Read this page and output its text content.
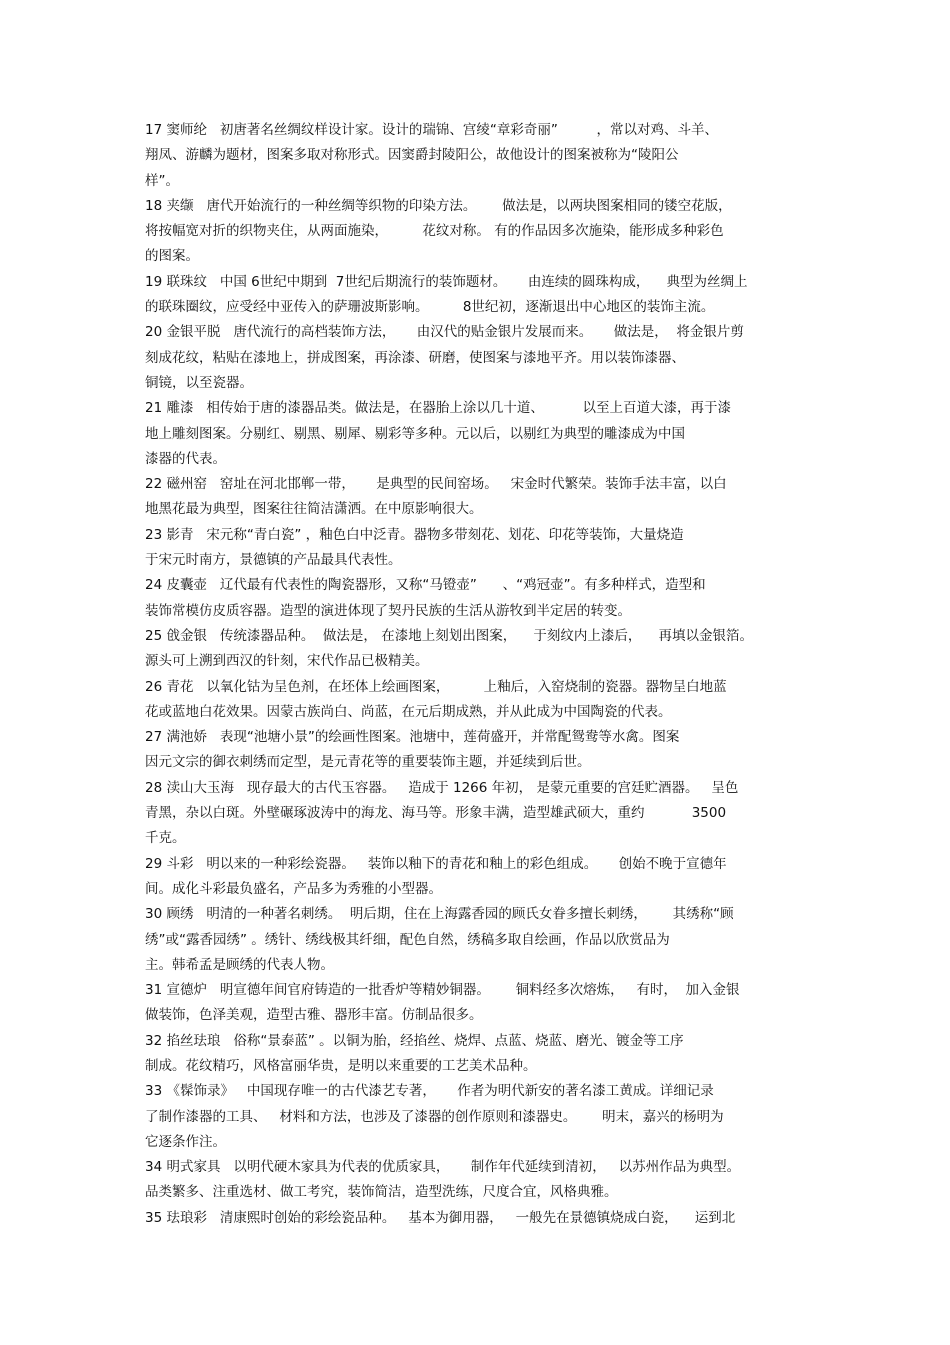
17 窦师纶   初唐著名丝绸纹样设计家。设计的瑞锦、宫绫“章彩奇丽”         ，常以对鸡、斗羊、
翔凤、游麟为题材，图案多取对称形式。因窦爵封陵阳公，故他设计的图案被称为“陵阳公
样”。
18 夹缬   唐代开始流行的一种丝绸等织物的印染方法。      做法是，以两块图案相同的镂空花版，
将按幅宽对折的织物夹住，从两面施染，        花纹对称。 有的作品因多次施染，能形成多种彩色
的图案。
19 联珠纹   中国 6世纪中期到  7世纪后期流行的装饰题材。     由连续的圆珠构成，    典型为丝绸上
的联珠圈纹，应受经中亚传入的萨珊波斯影响。        8世纪初，逐渐退出中心地区的装饰主流。
20 金银平脱   唐代流行的高档装饰方法，     由汉代的贴金银片发展而来。     做法是，  将金银片剪
刻成花纹，粘贴在漆地上，拼成图案，再涂漆、研磨，使图案与漆地平齐。用以装饰漆器、
铜镜，以至瓷器。
21 雕漆   相传始于唐的漆器品类。做法是，在器胎上涂以几十道、         以至上百道大漆，再于漆
地上雕刻图案。分剔红、剔黑、剔犀、剔彩等多种。元以后，以剔红为典型的雕漆成为中国
漆器的代表。
22 磁州窑   窑址在河北邯郸一带，     是典型的民间窑场。   宋金时代繁荣。装饰手法丰富，以白
地黑花最为典型，图案往往简洁潇洒。在中原影响很大。
23 影青   宋元称“青白瓷” ，釉色白中泛青。器物多带刻花、划花、印花等装饰，大量烧造
于宋元时南方，景德镇的产品最具代表性。
24 皮囊壶   辽代最有代表性的陶瓷器形，又称“马镫壶”      、“鸡冠壶”。有多种样式，造型和
装饰常模仿皮质容器。造型的演进体现了契丹民族的生活从游牧到半定居的转变。
25 戗金银   传统漆器品种。  做法是， 在漆地上刻划出图案，    于刻纹内上漆后，    再填以金银箔。
源头可上溯到西汉的针刻，宋代作品已极精美。
26 青花   以氧化钴为呈色剂，在坯体上绘画图案，        上釉后，入窑烧制的瓷器。器物呈白地蓝
花或蓝地白花效果。因蒙古族尚白、尚蓝，在元后期成熟，并从此成为中国陶瓷的代表。
27 满池娇   表现“池塘小景”的绘画性图案。池塘中，莲荷盛开，并常配鸳鸯等水禽。图案
因元文宗的御衣刺绣而定型，是元青花等的重要装饰主题，并延续到后世。
28 渎山大玉海   现存最大的古代玉容器。   造成于 1266 年初， 是蒙元重要的宫廷贮酒器。   呈色
青黑，杂以白斑。外壁碾琢波涛中的海龙、海马等。形象丰满，造型雄武硕大，重约           3500
千克。
29 斗彩   明以来的一种彩绘瓷器。   装饰以釉下的青花和釉上的彩色组成。     创始不晚于宣德年
间。成化斗彩最负盛名，产品多为秀雅的小型器。
30 顾绣   明清的一种著名刺绣。  明后期，住在上海露香园的顾氏女眷多擅长刺绣，      其绣称“顾
绣”或“露香园绣” 。绣针、绣线极其纤细，配色自然，绣稿多取自绘画，作品以欣赏品为
主。韩希孟是顾绣的代表人物。
31 宣德炉   明宣德年间官府铸造的一批香炉等精妙铜器。      铜料经多次熔炼，   有时，  加入金银
做装饰，色泽美观，造型古雅、器形丰富。仿制品很多。
32 掐丝珐琅   俗称“景泰蓝” 。以铜为胎，经掐丝、烧焊、点蓝、烧蓝、磨光、镀金等工序
制成。花纹精巧，风格富丽华贵，是明以来重要的工艺美术品种。
33 《髹饰录》   中国现存唯一的古代漆艺专著，     作者为明代新安的著名漆工黄成。详细记录
了制作漆器的工具、   材料和方法，也涉及了漆器的创作原则和漆器史。      明末，嘉兴的杨明为
它逐条作注。
34 明式家具   以明代硬木家具为代表的优质家具，     制作年代延续到清初，   以苏州作品为典型。
品类繁多、注重选材、做工考究，装饰简洁，造型洗练，尺度合宜，风格典雅。
35 珐琅彩   清康熙时创始的彩绘瓷品种。   基本为御用器，   一般先在景德镇烧成白瓷，    运到北
